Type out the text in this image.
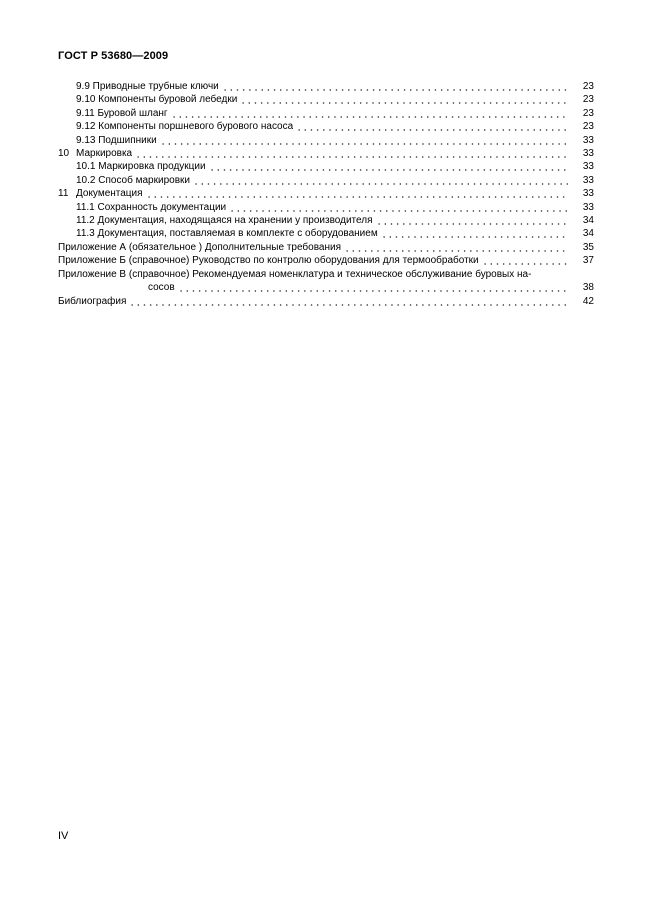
ГОСТ Р 53680—2009
9.9 Приводные трубные ключи	23
9.10 Компоненты буровой лебедки	23
9.11 Буровой шланг	23
9.12 Компоненты поршневого бурового насоса	23
9.13 Подшипники	33
10 Маркировка	33
10.1 Маркировка продукции	33
10.2 Способ маркировки	33
11 Документация	33
11.1 Сохранность документации	33
11.2 Документация, находящаяся на хранении у производителя	34
11.3 Документация, поставляемая в комплекте с оборудованием	34
Приложение А (обязательное ) Дополнительные требования	35
Приложение Б (справочное) Руководство по контролю оборудования для термообработки	37
Приложение В (справочное) Рекомендуемая номенклатура и техническое обслуживание буровых на-
сосов	38
Библиография	42
IV
